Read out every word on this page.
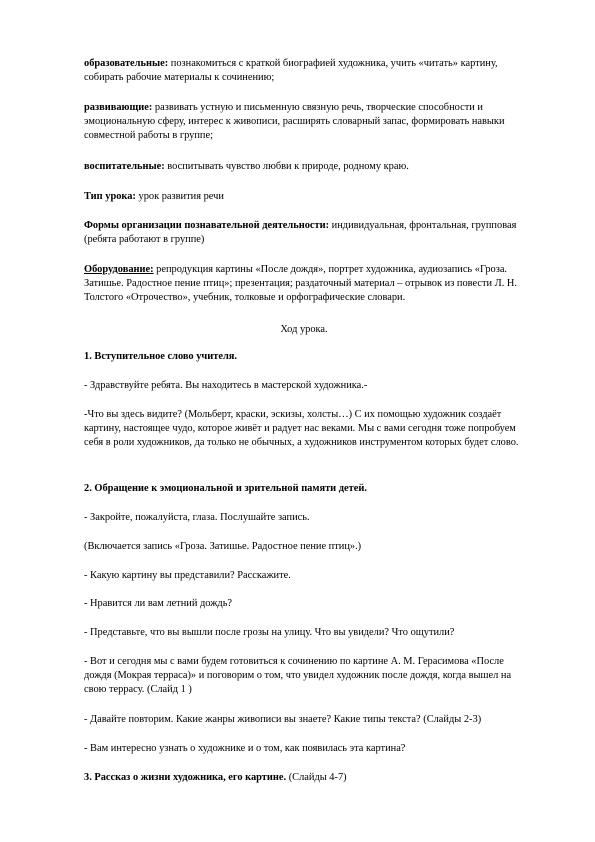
образовательные: познакомиться с краткой биографией художника, учить «читать» картину, собирать рабочие материалы к сочинению;

развивающие: развивать устную и письменную связную речь, творческие способности и эмоциональную сферу, интерес к живописи, расширять словарный запас, формировать навыки совместной работы в группе;

воспитательные: воспитывать чувство любви к природе, родному краю.

Тип урока: урок развития речи

Формы организации познавательной деятельности: индивидуальная, фронтальная, групповая (ребята работают в группе)

Оборудование: репродукция картины «После дождя», портрет художника, аудиозапись «Гроза. Затишье. Радостное пение птиц»; презентация; раздаточный материал – отрывок из повести Л. Н. Толстого «Отрочество», учебник, толковые и орфографические словари.

Ход урока.

1. Вступительное слово учителя.

- Здравствуйте ребята. Вы находитесь в мастерской художника.-

-Что вы здесь видите? (Мольберт, краски, эскизы, холсты…) С их помощью художник создаёт картину, настоящее чудо, которое живёт и радует нас веками. Мы с вами сегодня тоже попробуем себя в роли художников, да только не обычных, а художников инструментом которых будет слово.

2. Обращение к эмоциональной и зрительной памяти детей.

- Закройте, пожалуйста, глаза. Послушайте запись.

(Включается запись «Гроза. Затишье. Радостное пение птиц».)

- Какую картину вы представили? Расскажите.

- Нравится ли вам летний дождь?

- Представьте, что вы вышли после грозы на улицу. Что вы увидели? Что ощутили?

- Вот и сегодня мы с вами будем готовиться к сочинению по картине А. М. Герасимова «После дождя (Мокрая терраса)» и поговорим о том, что увидел художник после дождя, когда вышел на свою террасу. (Слайд 1 )

- Давайте повторим. Какие жанры живописи вы знаете? Какие типы текста? (Слайды 2-3)

- Вам интересно узнать о художнике и о том, как появилась эта картина?

3. Рассказ о жизни художника, его картине. (Слайды 4-7)
